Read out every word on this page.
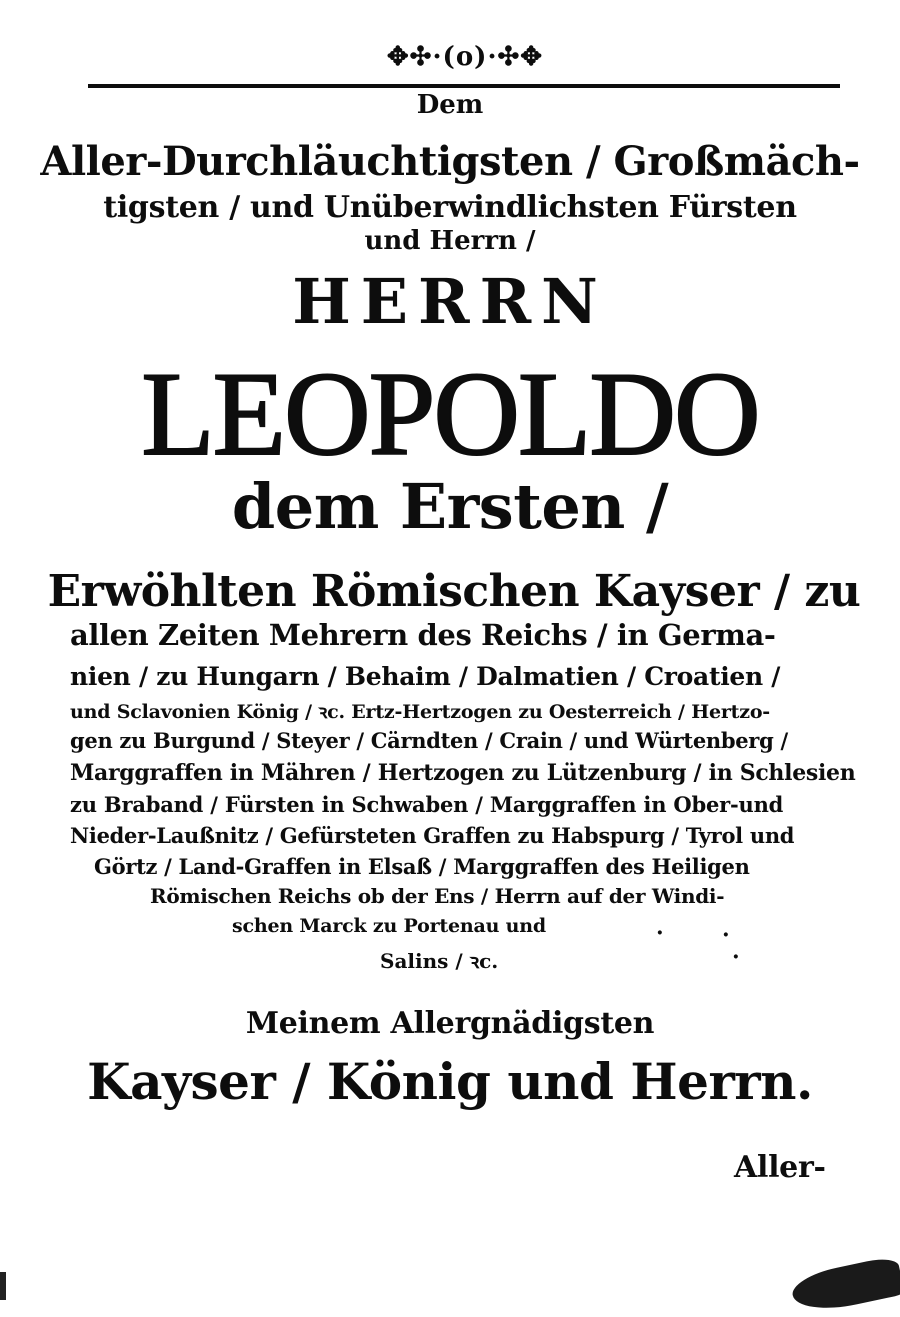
✥✣·(o)·✣✥
Dem
Aller-Durchläuchtigsten / Großmäch-
tigsten / und Unüberwindlichsten Fürsten
und Herrn /
HERRN
LEOPOLDO
dem Ersten /
Erwöhlten Römischen Kayser / zu
allen Zeiten Mehrern des Reichs / in Germa-
nien / zu Hungarn / Behaim / Dalmatien / Croatien /
und Sclavonien König / ꝛc. Ertz-Hertzogen zu Oesterreich / Hertzo-
gen zu Burgund / Steyer / Cärndten / Crain / und Würtenberg /
Marggraffen in Mähren / Hertzogen zu Lützenburg / in Schlesien
zu Braband / Fürsten in Schwaben / Marggraffen in Ober-und
Nieder-Laußnitz / Gefürsteten Graffen zu Habspurg / Tyrol und
Görtz / Land-Graffen in Elsaß / Marggraffen des Heiligen
Römischen Reichs ob der Ens / Herrn auf der Windi-
schen Marck zu Portenau und
Salins / ꝛc.
·	·
·
Meinem Allergnädigsten
Kayser / König und Herrn.
Aller-
